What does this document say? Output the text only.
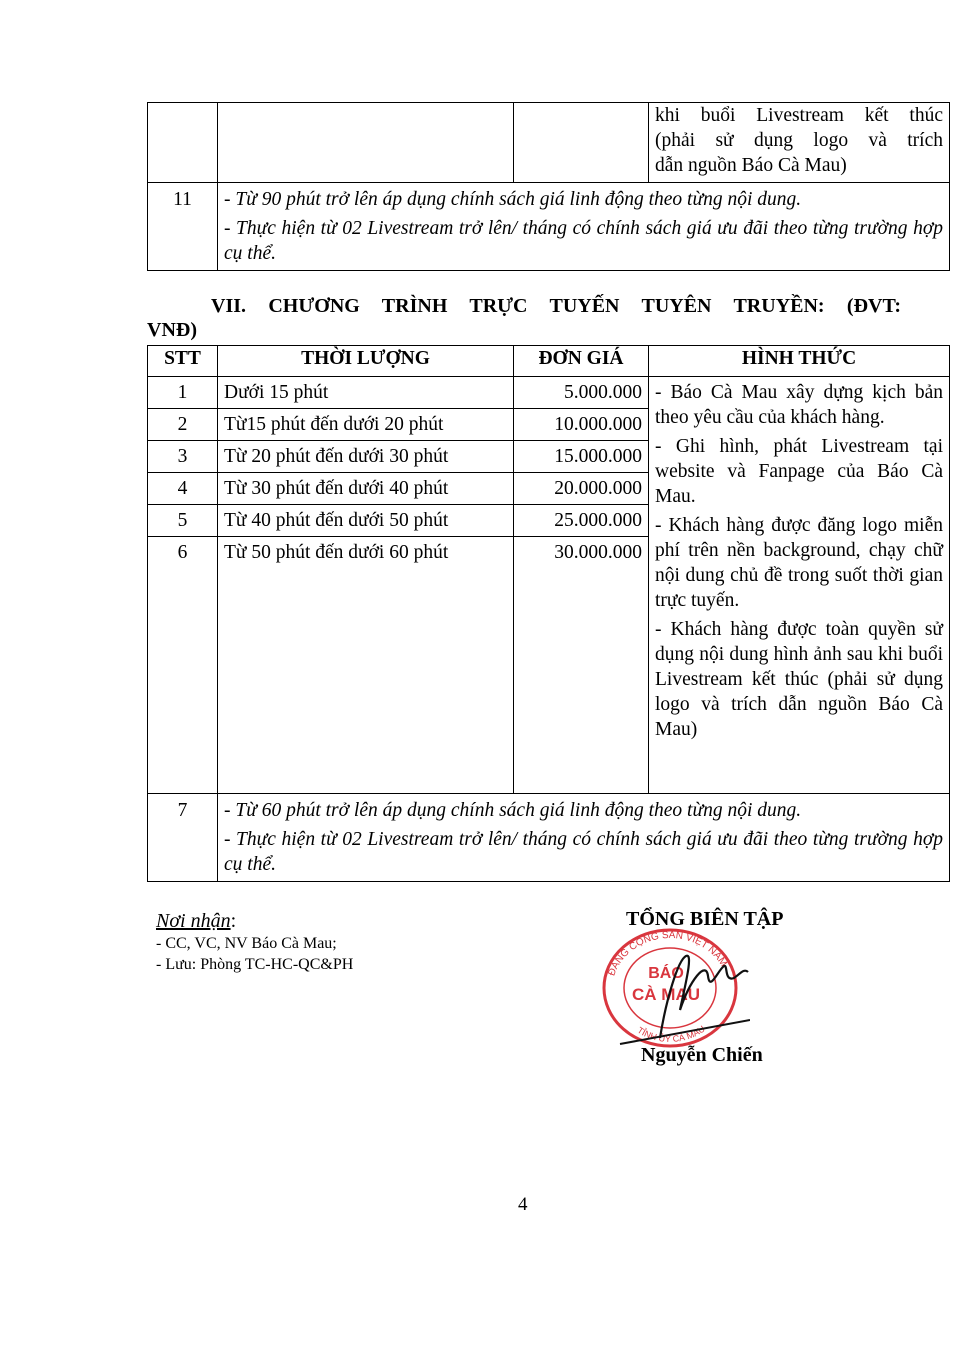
			khi buổi Livestream kết thúc
(phải sử dụng logo và trích
dẫn nguồn Báo Cà Mau)

11	- Từ 90 phút trở lên áp dụng chính sách giá linh động theo từng nội dung.
- Thực hiện từ 02 Livestream trở lên/ tháng có chính sách giá ưu đãi theo từng trường hợp cụ thể.		
VII. CHƯƠNG TRÌNH TRỰC TUYẾN TUYÊN TRUYỀN: (ĐVT:
VNĐ)
STT	THỜI LƯỢNG	ĐƠN GIÁ	HÌNH THỨC
1	Dưới 15 phút	5.000.000	- Báo Cà Mau xây dựng kịch bản theo yêu cầu của khách hàng.

- Ghi hình, phát Livestream tại website và Fanpage của Báo Cà Mau.

- Khách hàng được đăng logo miễn phí trên nền background, chạy chữ nội dung chủ đề trong suốt thời gian trực tuyến.

- Khách hàng được toàn quyền sử dụng nội dung hình ảnh sau khi buổi Livestream kết thúc (phải sử dụng logo và trích dẫn nguồn Báo Cà Mau)

2	Từ15 phút đến dưới 20 phút	10.000.000	
3	Từ 20 phút đến dưới 30 phút	15.000.000	
4	Từ 30 phút đến dưới 40 phút	20.000.000	
5	Từ 40 phút đến dưới 50 phút	25.000.000	
6	Từ 50 phút đến dưới 60 phút	30.000.000	
7	- Từ 60 phút trở lên áp dụng chính sách giá linh động theo từng nội dung.
- Thực hiện từ 02 Livestream trở lên/ tháng có chính sách giá ưu đãi theo từng trường hợp cụ thể.		
Nơi nhận:
- CC, VC, NV Báo Cà Mau;
- Lưu: Phòng TC-HC-QC&PH
TỔNG BIÊN TẬP
ĐẢNG CỘNG SẢN VIỆT NAM
TỈNH ỦY CÀ MAU
BÁO
CÀ MAU
Nguyễn Chiến
4
